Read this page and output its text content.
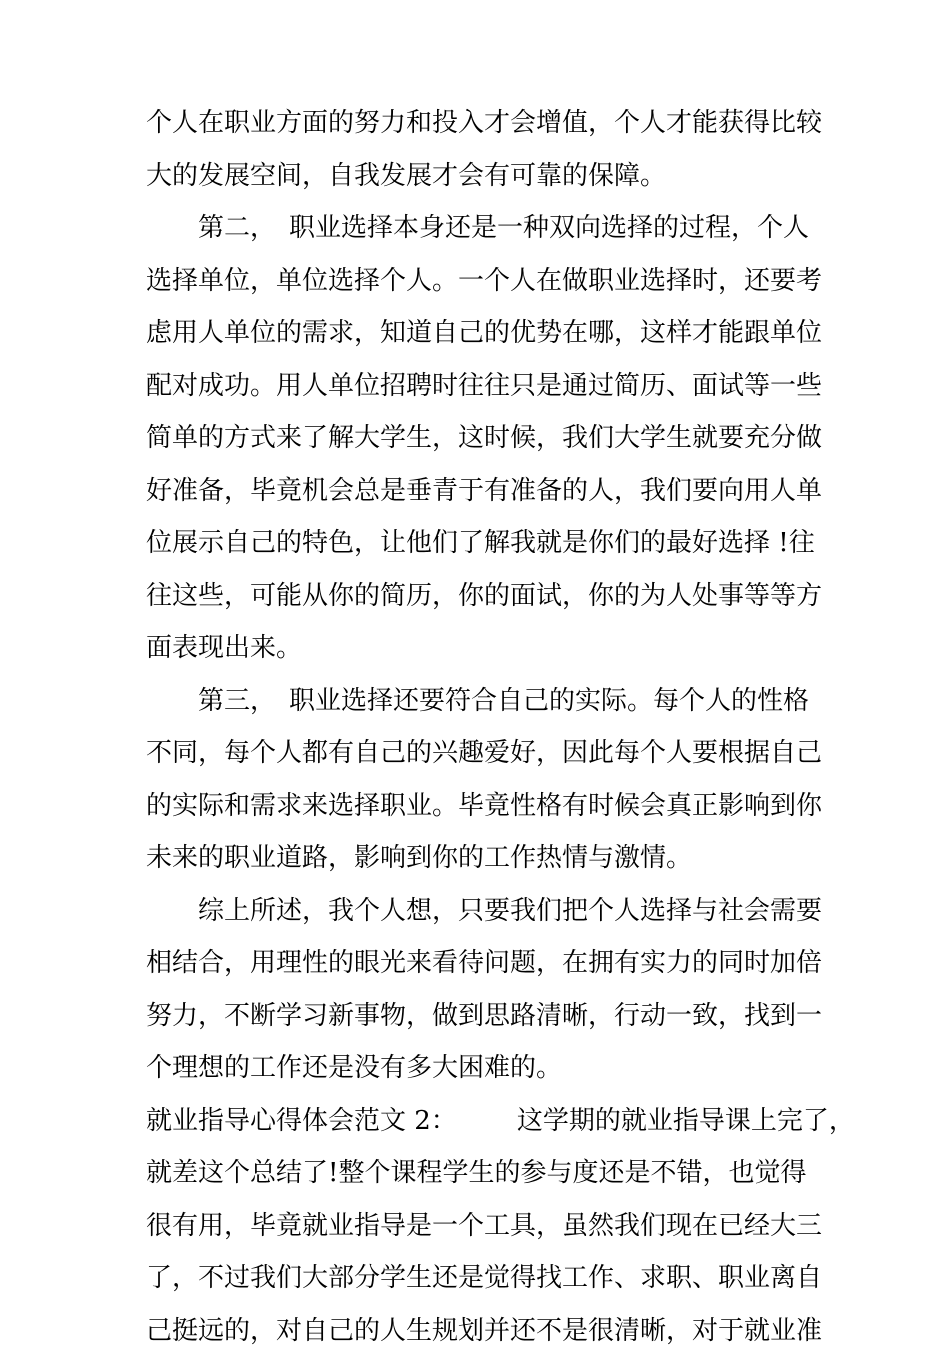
个人在职业方面的努力和投入才会增值，个人才能获得比较
大的发展空间，自我发展才会有可靠的保障。
　　第二，　职业选择本身还是一种双向选择的过程，个人
选择单位，单位选择个人。一个人在做职业选择时，还要考
虑用人单位的需求，知道自己的优势在哪，这样才能跟单位
配对成功。用人单位招聘时往往只是通过简历、面试等一些
简单的方式来了解大学生，这时候，我们大学生就要充分做
好准备，毕竟机会总是垂青于有准备的人，我们要向用人单
位展示自己的特色，让他们了解我就是你们的最好选择 !往
往这些，可能从你的简历，你的面试，你的为人处事等等方
面表现出来。
　　第三，　职业选择还要符合自己的实际。每个人的性格
不同，每个人都有自己的兴趣爱好，因此每个人要根据自己
的实际和需求来选择职业。毕竟性格有时候会真正影响到你
未来的职业道路，影响到你的工作热情与激情。
　　综上所述，我个人想，只要我们把个人选择与社会需要
相结合，用理性的眼光来看待问题，在拥有实力的同时加倍
努力，不断学习新事物，做到思路清晰，行动一致，找到一
个理想的工作还是没有多大困难的。
就业指导心得体会范文 2： 这学期的就业指导课上完了，
就差这个总结了!整个课程学生的参与度还是不错，也觉得
很有用，毕竟就业指导是一个工具，虽然我们现在已经大三
了，不过我们大部分学生还是觉得找工作、求职、职业离自
己挺远的，对自己的人生规划并还不是很清晰，对于就业准
